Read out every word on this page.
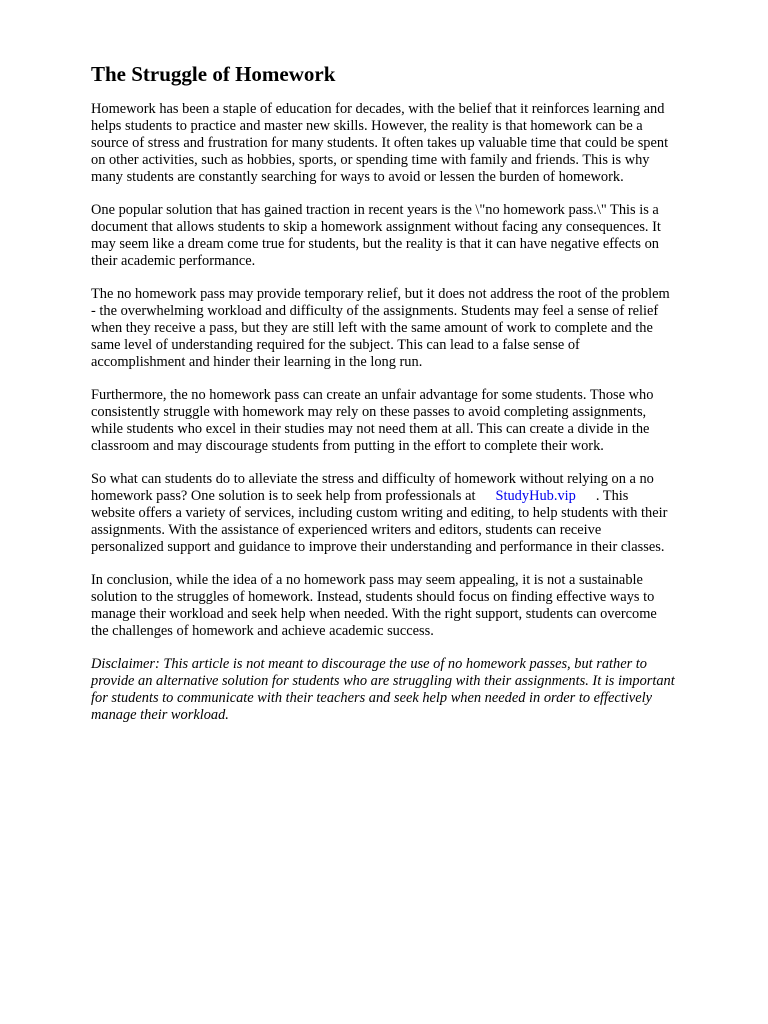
The Struggle of Homework

Homework has been a staple of education for decades, with the belief that it reinforces learning and
helps students to practice and master new skills. However, the reality is that homework can be a
source of stress and frustration for many students. It often takes up valuable time that could be spent
on other activities, such as hobbies, sports, or spending time with family and friends. This is why
many students are constantly searching for ways to avoid or lessen the burden of homework.

One popular solution that has gained traction in recent years is the \"no homework pass.\" This is a
document that allows students to skip a homework assignment without facing any consequences. It
may seem like a dream come true for students, but the reality is that it can have negative effects on
their academic performance.

The no homework pass may provide temporary relief, but it does not address the root of the problem
- the overwhelming workload and difficulty of the assignments. Students may feel a sense of relief
when they receive a pass, but they are still left with the same amount of work to complete and the
same level of understanding required for the subject. This can lead to a false sense of
accomplishment and hinder their learning in the long run.

Furthermore, the no homework pass can create an unfair advantage for some students. Those who
consistently struggle with homework may rely on these passes to avoid completing assignments,
while students who excel in their studies may not need them at all. This can create a divide in the
classroom and may discourage students from putting in the effort to complete their work.

So what can students do to alleviate the stress and difficulty of homework without relying on a no
homework pass? One solution is to seek help from professionals at StudyHub.vip . This
website offers a variety of services, including custom writing and editing, to help students with their
assignments. With the assistance of experienced writers and editors, students can receive
personalized support and guidance to improve their understanding and performance in their classes.

In conclusion, while the idea of a no homework pass may seem appealing, it is not a sustainable
solution to the struggles of homework. Instead, students should focus on finding effective ways to
manage their workload and seek help when needed. With the right support, students can overcome
the challenges of homework and achieve academic success.

Disclaimer: This article is not meant to discourage the use of no homework passes, but rather to
provide an alternative solution for students who are struggling with their assignments. It is important
for students to communicate with their teachers and seek help when needed in order to effectively
manage their workload.
